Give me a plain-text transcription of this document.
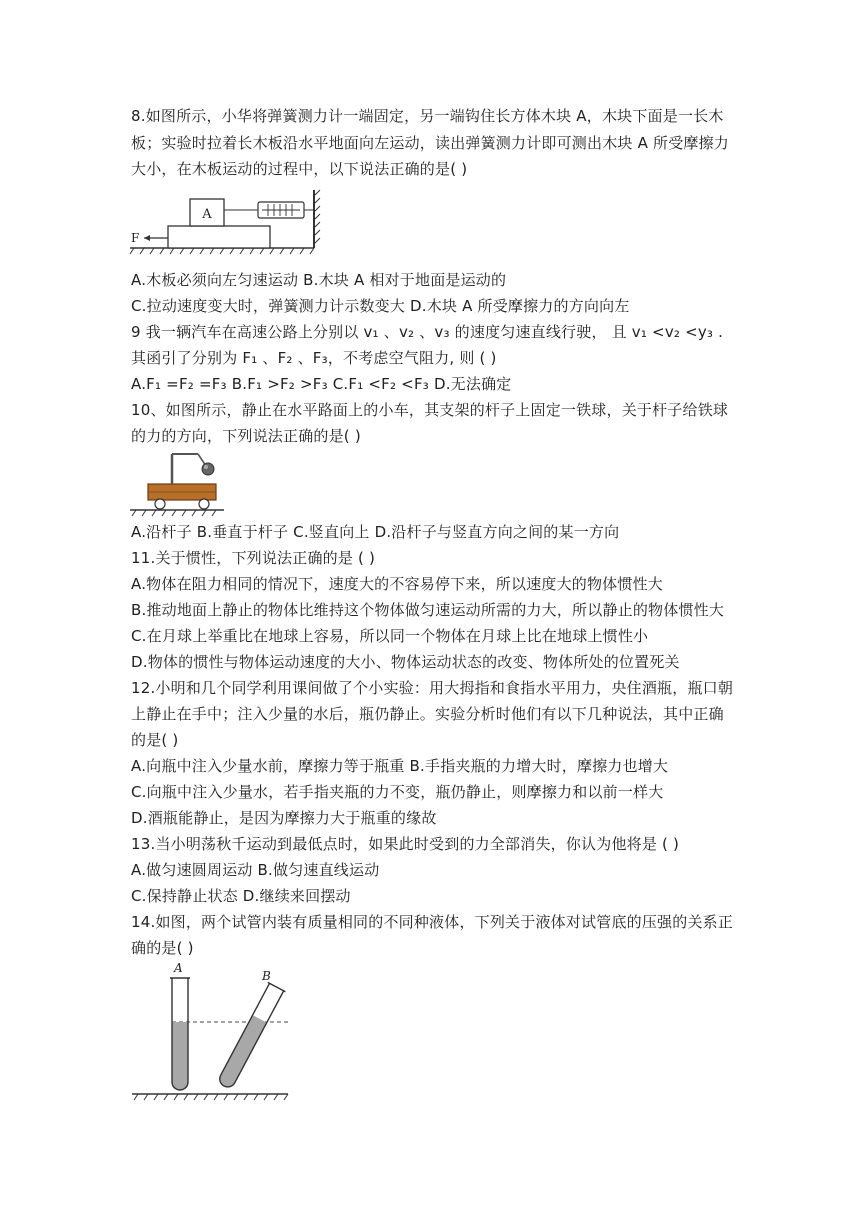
8.如图所示，小华将弹簧测力计一端固定，另一端钩住长方体木块 A，木块下面是一长木
板；实验时拉着长木板沿水平地面向左运动，读出弹簧测力计即可测出木块 A 所受摩擦力
大小，在木板运动的过程中，以下说法正确的是( )
A
F
A.木板必须向左匀速运动 B.木块 A 相对于地面是运动的
C.拉动速度变大时，弹簧测力计示数变大 D.木块 A 所受摩擦力的方向向左
9 我一辆汽车在高速公路上分别以 v₁ 、v₂ 、v₃ 的速度匀速直线行驶， 且 v₁ <v₂ <y₃ .
其函引了分别为 F₁ 、F₂ 、F₃，不考虑空气阻力, 则 ( )
A.F₁ =F₂ =F₃ B.F₁ >F₂ >F₃ C.F₁ <F₂ <F₃ D.无法确定
10、如图所示，静止在水平路面上的小车，其支架的杆子上固定一铁球，关于杆子给铁球
的力的方向，下列说法正确的是( )
A.沿杆子 B.垂直于杆子 C.竖直向上 D.沿杆子与竖直方向之间的某一方向
11.关于惯性，下列说法正确的是 ( )
A.物体在阻力相同的情况下，速度大的不容易停下来，所以速度大的物体惯性大
B.推动地面上静止的物体比维持这个物体做匀速运动所需的力大，所以静止的物体惯性大
C.在月球上举重比在地球上容易，所以同一个物体在月球上比在地球上惯性小
D.物体的惯性与物体运动速度的大小、物体运动状态的改变、物体所处的位置死关
12.小明和几个同学利用课间做了个小实验：用大拇指和食指水平用力，央住酒瓶，瓶口朝
上静止在手中；注入少量的水后，瓶仍静止。实验分析时他们有以下几种说法，其中正确
的是( )
A.向瓶中注入少量水前，摩擦力等于瓶重 B.手指夹瓶的力增大时，摩擦力也增大
C.向瓶中注入少量水，若手指夹瓶的力不变，瓶仍静止，则摩擦力和以前一样大
D.酒瓶能静止，是因为摩擦力大于瓶重的缘故
13.当小明荡秋千运动到最低点时，如果此时受到的力全部消失，你认为他将是 ( )
A.做匀速圆周运动 B.做匀速直线运动
C.保持静止状态 D.继续来回摆动
14.如图，两个试管内装有质量相同的不同种液体，下列关于液体对试管底的压强的关系正
确的是( )
A
B
